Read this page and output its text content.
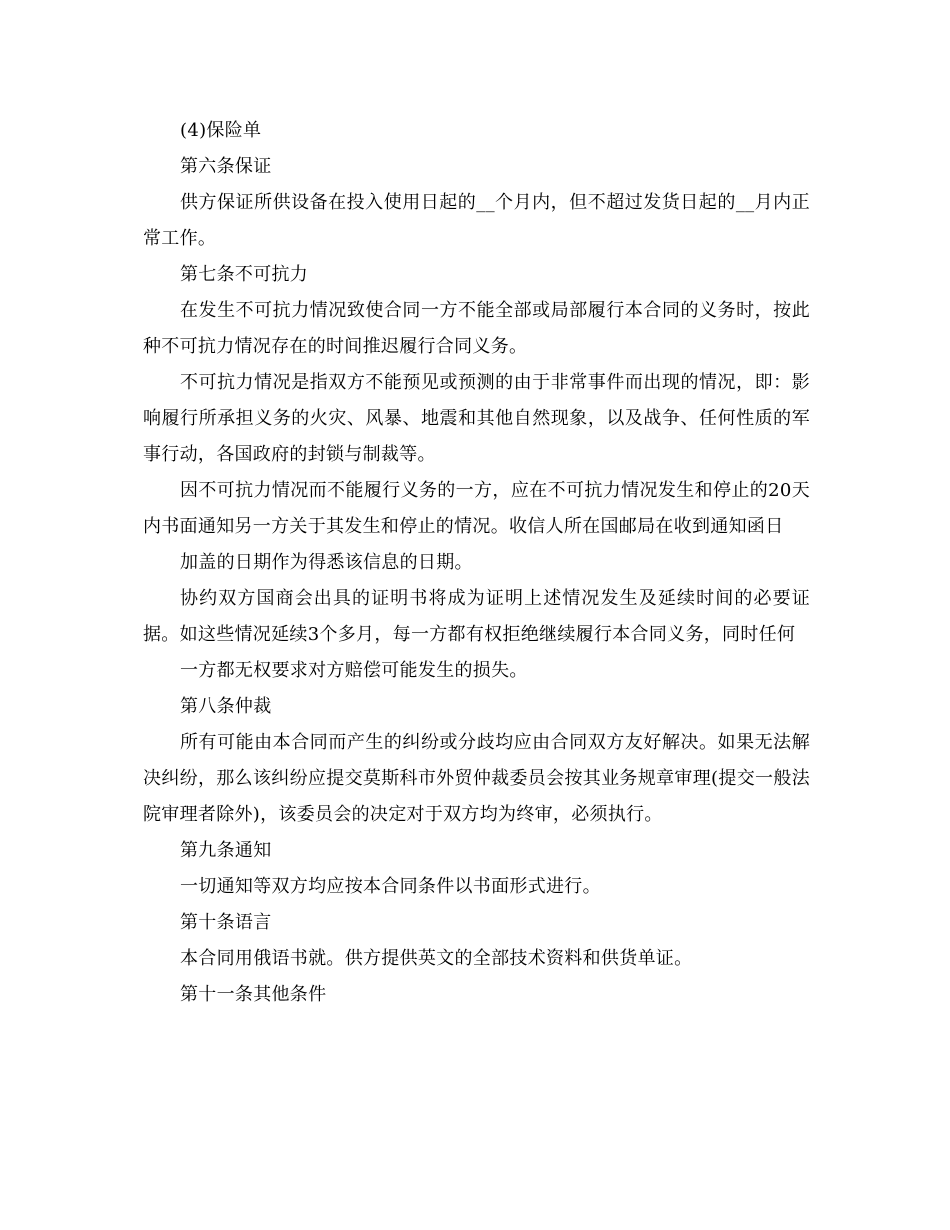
(4)保险单

第六条保证

供方保证所供设备在投入使用日起的__个月内，但不超过发货日起的__月内正常工作。

第七条不可抗力

在发生不可抗力情况致使合同一方不能全部或局部履行本合同的义务时，按此种不可抗力情况存在的时间推迟履行合同义务。

不可抗力情况是指双方不能预见或预测的由于非常事件而出现的情况，即：影响履行所承担义务的火灾、风暴、地震和其他自然现象，以及战争、任何性质的军事行动，各国政府的封锁与制裁等。

因不可抗力情况而不能履行义务的一方，应在不可抗力情况发生和停止的20天内书面通知另一方关于其发生和停止的情况。收信人所在国邮局在收到通知函日

加盖的日期作为得悉该信息的日期。

协约双方国商会出具的证明书将成为证明上述情况发生及延续时间的必要证据。如这些情况延续3个多月，每一方都有权拒绝继续履行本合同义务，同时任何

一方都无权要求对方赔偿可能发生的损失。

第八条仲裁

所有可能由本合同而产生的纠纷或分歧均应由合同双方友好解决。如果无法解决纠纷，那么该纠纷应提交莫斯科市外贸仲裁委员会按其业务规章审理(提交一般法院审理者除外)，该委员会的决定对于双方均为终审，必须执行。

第九条通知

一切通知等双方均应按本合同条件以书面形式进行。

第十条语言

本合同用俄语书就。供方提供英文的全部技术资料和供货单证。

第十一条其他条件
